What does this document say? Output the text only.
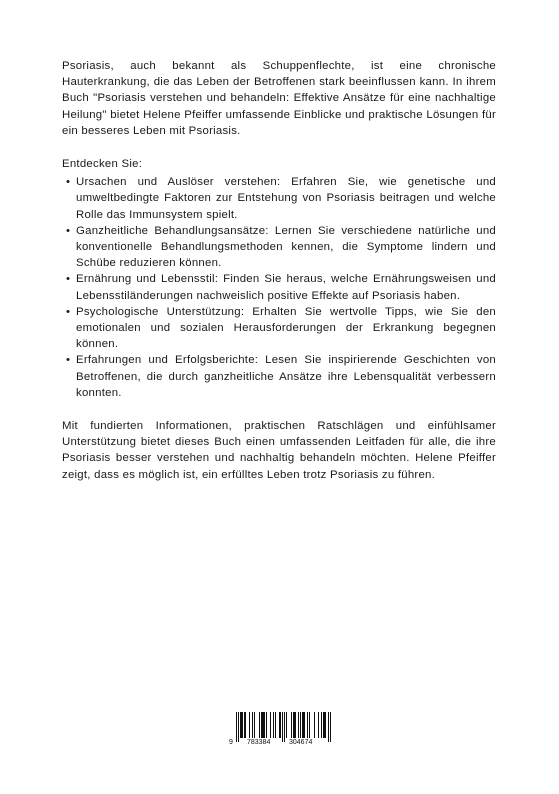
Psoriasis, auch bekannt als Schuppenflechte, ist eine chronische Hauterkrankung, die das Leben der Betroffenen stark beeinflussen kann. In ihrem Buch "Psoriasis verstehen und behandeln: Effektive Ansätze für eine nachhaltige Heilung" bietet Helene Pfeiffer umfassende Einblicke und praktische Lösungen für ein besseres Leben mit Psoriasis.

Entdecken Sie:

• Ursachen und Auslöser verstehen: Erfahren Sie, wie genetische und umweltbedingte Faktoren zur Entstehung von Psoriasis beitragen und welche Rolle das Immunsystem spielt.
• Ganzheitliche Behandlungsansätze: Lernen Sie verschiedene natürliche und konventionelle Behandlungsmethoden kennen, die Symptome lindern und Schübe reduzieren können.
• Ernährung und Lebensstil: Finden Sie heraus, welche Ernährungsweisen und Lebensstiländerungen nachweislich positive Effekte auf Psoriasis haben.
• Psychologische Unterstützung: Erhalten Sie wertvolle Tipps, wie Sie den emotionalen und sozialen Herausforderungen der Erkrankung begegnen können.
• Erfahrungen und Erfolgsberichte: Lesen Sie inspirierende Geschichten von Betroffenen, die durch ganzheitliche Ansätze ihre Lebensqualität verbessern konnten.

Mit fundierten Informationen, praktischen Ratschlägen und einfühlsamer Unterstützung bietet dieses Buch einen umfassenden Leitfaden für alle, die ihre Psoriasis besser verstehen und nachhaltig behandeln möchten. Helene Pfeiffer zeigt, dass es möglich ist, ein erfülltes Leben trotz Psoriasis zu führen.

9 783384	304674
